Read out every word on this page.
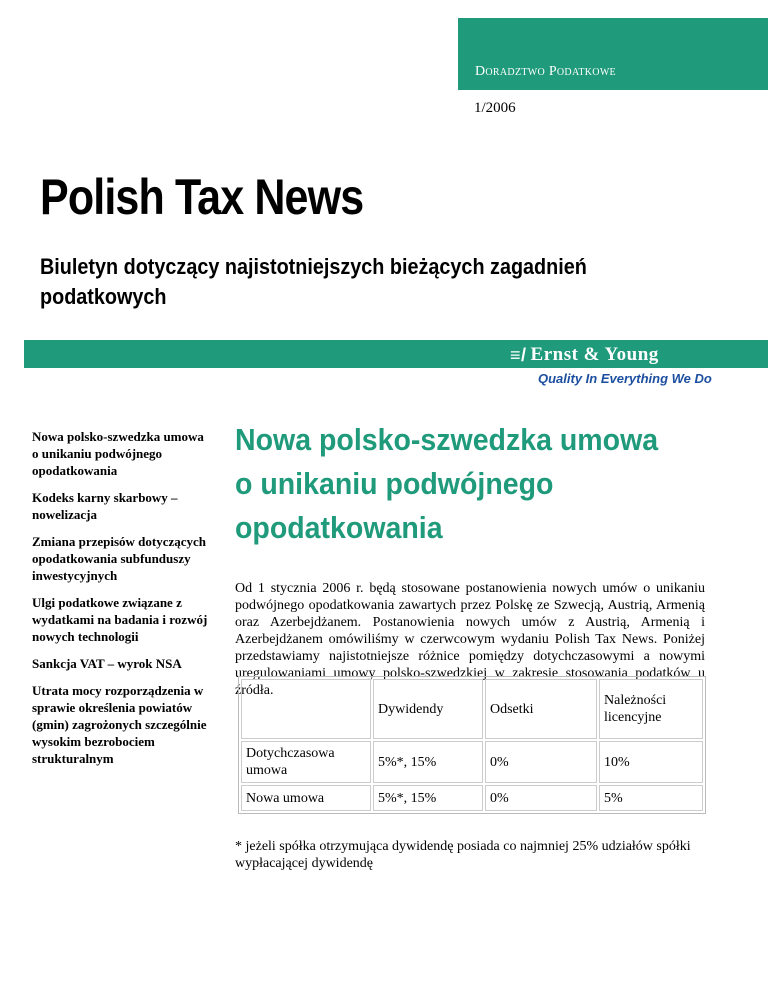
Doradztwo Podatkowe
1/2006
Polish Tax News
Biuletyn dotyczący najistotniejszych bieżących zagadnień podatkowych
≡/ Ernst & Young
Quality In Everything We Do
Nowa polsko-szwedzka umowa o unikaniu podwójnego opodatkowania
Kodeks karny skarbowy – nowelizacja
Zmiana przepisów dotyczących opodatkowania subfunduszy inwestycyjnych
Ulgi podatkowe związane z wydatkami na badania i rozwój nowych technologii
Sankcja VAT – wyrok NSA
Utrata mocy rozporządzenia w sprawie określenia powiatów (gmin) zagrożonych szczególnie wysokim bezrobociem strukturalnym
Nowa polsko-szwedzka umowa o unikaniu podwójnego opodatkowania

Od 1 stycznia 2006 r. będą stosowane postanowienia nowych umów o unikaniu podwójnego opodatkowania zawartych przez Polskę ze Szwecją, Austrią, Armenią oraz Azerbejdżanem. Postanowienia nowych umów z Austrią, Armenią i Azerbejdżanem omówiliśmy w czerwcowym wydaniu Polish Tax News. Poniżej przedstawiamy najistotniejsze różnice pomiędzy dotychczasowymi a nowymi uregulowaniami umowy polsko-szwedzkiej w zakresie stosowania podatków u źródła.

	Dywidendy	Odsetki	Należności licencyjne
Dotychczasowa umowa	5%*, 15%	0%	10%
Nowa umowa	5%*, 15%	0%	5%

* jeżeli spółka otrzymująca dywidendę posiada co najmniej 25% udziałów spółki wypłacającej dywidendę
